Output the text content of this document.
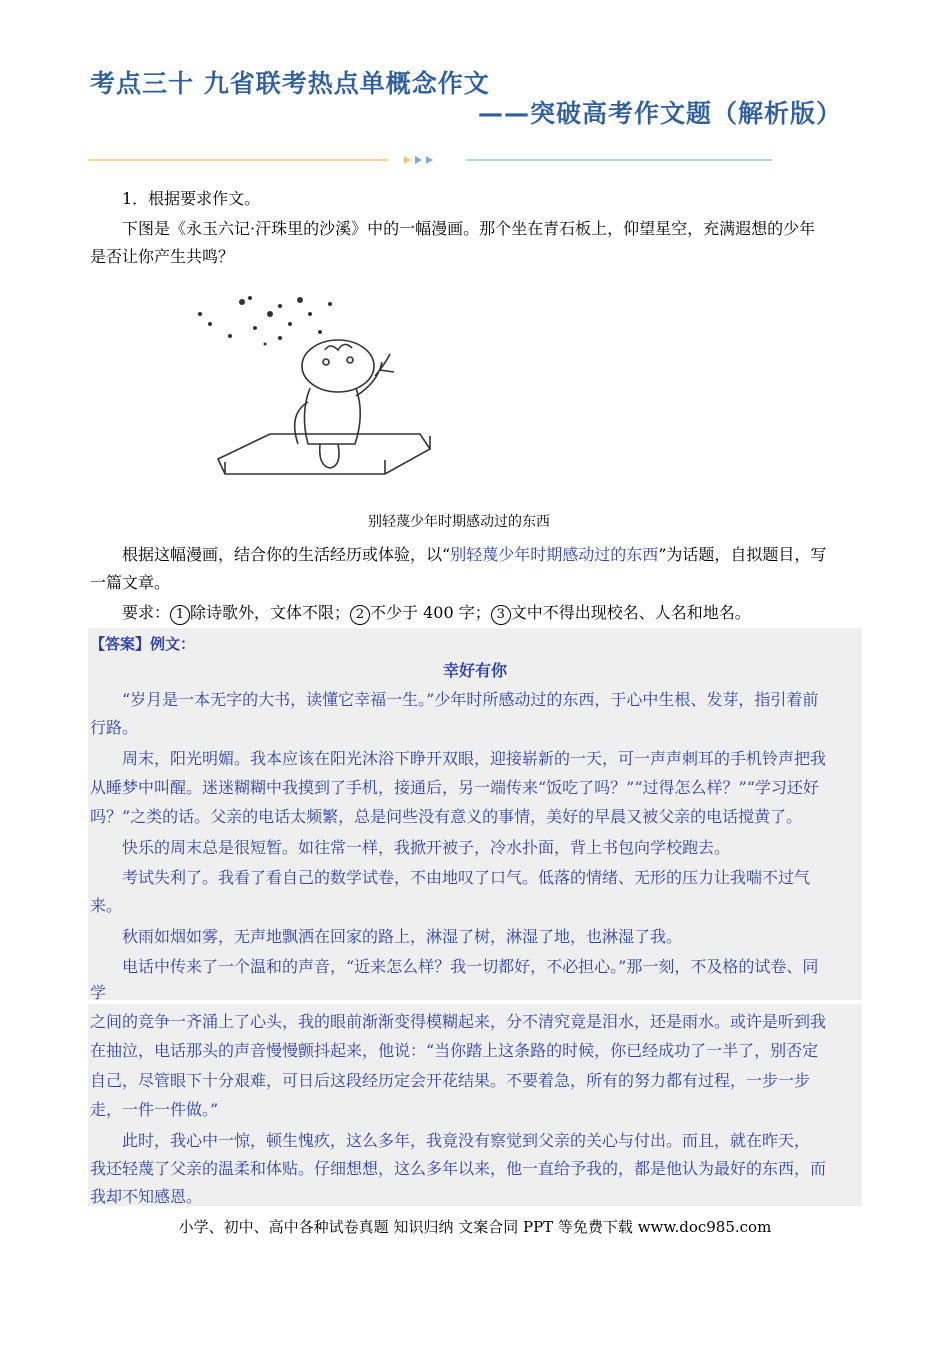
考点三十 九省联考热点单概念作文
——突破高考作文题（解析版）

1．根据要求作文。

下图是《永玉六记·汗珠里的沙溪》中的一幅漫画。那个坐在青石板上，仰望星空，充满遐想的少年

是否让你产生共鸣？

别轻蔑少年时期感动过的东西

根据这幅漫画，结合你的生活经历或体验，以“别轻蔑少年时期感动过的东西”为话题，自拟题目，写

一篇文章。

要求： 1 除诗歌外，文体不限； 2 不少于 400 字； 3 文中不得出现校名、人名和地名。

【答案】例文：

幸好有你

“岁月是一本无字的大书，读懂它幸福一生。”少年时所感动过的东西，于心中生根、发芽，指引着前

行路。

周末，阳光明媚。我本应该在阳光沐浴下睁开双眼，迎接崭新的一天，可一声声刺耳的手机铃声把我

从睡梦中叫醒。迷迷糊糊中我摸到了手机，接通后，另一端传来“饭吃了吗？”“过得怎么样？”“学习还好

吗？”之类的话。父亲的电话太频繁，总是问些没有意义的事情，美好的早晨又被父亲的电话搅黄了。

快乐的周末总是很短暂。如往常一样，我掀开被子，冷水扑面，背上书包向学校跑去。

考试失利了。我看了看自己的数学试卷，不由地叹了口气。低落的情绪、无形的压力让我喘不过气

来。

秋雨如烟如雾，无声地飘洒在回家的路上，淋湿了树，淋湿了地，也淋湿了我。

电话中传来了一个温和的声音，“近来怎么样？我一切都好，不必担心。”那一刻，不及格的试卷、同

学

之间的竞争一齐涌上了心头，我的眼前渐渐变得模糊起来，分不清究竟是泪水，还是雨水。或许是听到我

在抽泣，电话那头的声音慢慢颤抖起来，他说：“当你踏上这条路的时候，你已经成功了一半了，别否定

自己，尽管眼下十分艰难，可日后这段经历定会开花结果。不要着急，所有的努力都有过程，一步一步

走，一件一件做。”

此时，我心中一惊，顿生愧疚，这么多年，我竟没有察觉到父亲的关心与付出。而且，就在昨天，

我还轻蔑了父亲的温柔和体贴。仔细想想，这么多年以来，他一直给予我的，都是他认为最好的东西，而

我却不知感恩。

小学、初中、高中各种试卷真题 知识归纳 文案合同 PPT 等免费下载 www.doc985.com
